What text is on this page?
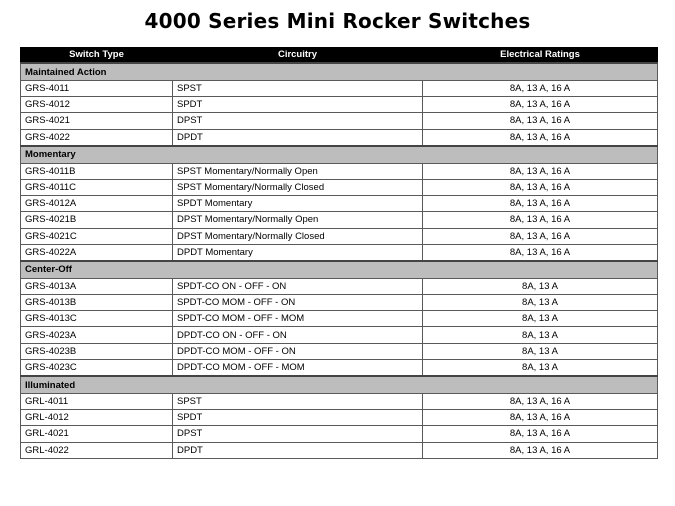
4000 Series Mini Rocker Switches
Switch Type	Circuitry	Electrical Ratings
Maintained Action		
GRS-4011	SPST	8A, 13 A, 16 A
GRS-4012	SPDT	8A, 13 A, 16 A
GRS-4021	DPST	8A, 13 A, 16 A
GRS-4022	DPDT	8A, 13 A, 16 A
Momentary		
GRS-4011B	SPST Momentary/Normally Open	8A, 13 A, 16 A
GRS-4011C	SPST Momentary/Normally Closed	8A, 13 A, 16 A
GRS-4012A	SPDT Momentary	8A, 13 A, 16 A
GRS-4021B	DPST Momentary/Normally Open	8A, 13 A, 16 A
GRS-4021C	DPST Momentary/Normally Closed	8A, 13 A, 16 A
GRS-4022A	DPDT Momentary	8A, 13 A, 16 A
Center-Off		
GRS-4013A	SPDT-CO ON - OFF - ON	8A, 13 A
GRS-4013B	SPDT-CO MOM - OFF - ON	8A, 13 A
GRS-4013C	SPDT-CO MOM - OFF - MOM	8A, 13 A
GRS-4023A	DPDT-CO ON - OFF - ON	8A, 13 A
GRS-4023B	DPDT-CO MOM - OFF - ON	8A, 13 A
GRS-4023C	DPDT-CO MOM - OFF - MOM	8A, 13 A
Illuminated		
GRL-4011	SPST	8A, 13 A, 16 A
GRL-4012	SPDT	8A, 13 A, 16 A
GRL-4021	DPST	8A, 13 A, 16 A
GRL-4022	DPDT	8A, 13 A, 16 A
